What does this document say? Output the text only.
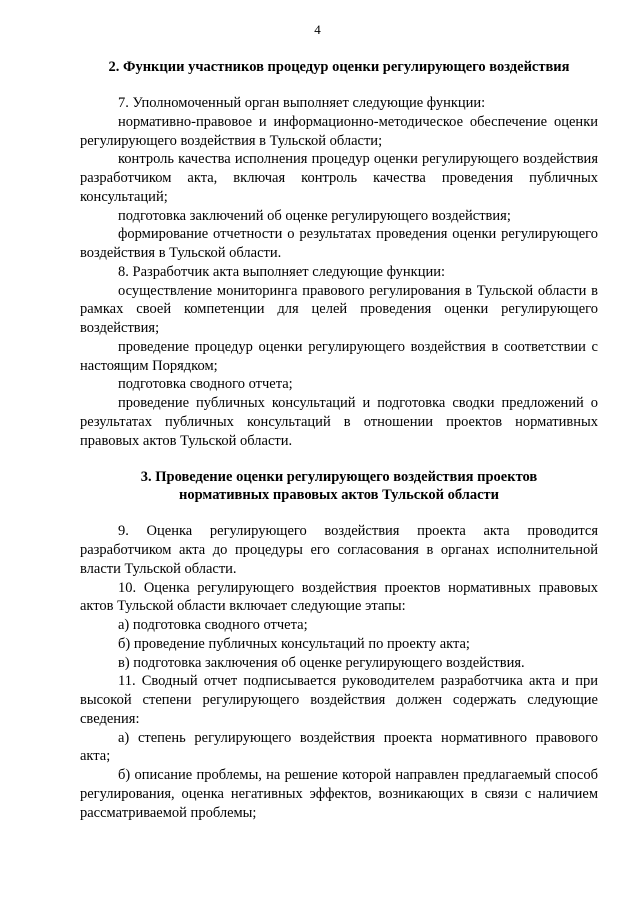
4
2. Функции участников процедур оценки регулирующего воздействия

7. Уполномоченный орган выполняет следующие функции:

нормативно-правовое и информационно-методическое обеспечение оценки регулирующего воздействия в Тульской области;

контроль качества исполнения процедур оценки регулирующего воздействия разработчиком акта, включая контроль качества проведения публичных консультаций;

подготовка заключений об оценке регулирующего воздействия;

формирование отчетности о результатах проведения оценки регулирующего воздействия в Тульской области.

8. Разработчик акта выполняет следующие функции:

осуществление мониторинга правового регулирования в Тульской области в рамках своей компетенции для целей проведения оценки регулирующего воздействия;

проведение процедур оценки регулирующего воздействия в соответствии с настоящим Порядком;

подготовка сводного отчета;

проведение публичных консультаций и подготовка сводки предложений о результатах публичных консультаций в отношении проектов нормативных правовых актов Тульской области.

3. Проведение оценки регулирующего воздействия проектов
нормативных правовых актов Тульской области

9. Оценка регулирующего воздействия проекта акта проводится разработчиком акта до процедуры его согласования в органах исполнительной власти Тульской области.

10. Оценка регулирующего воздействия проектов нормативных правовых актов Тульской области включает следующие этапы:

а) подготовка сводного отчета;

б) проведение публичных консультаций по проекту акта;

в) подготовка заключения об оценке регулирующего воздействия.

11. Сводный отчет подписывается руководителем разработчика акта и при высокой степени регулирующего воздействия должен содержать следующие сведения:

а) степень регулирующего воздействия проекта нормативного правового акта;

б) описание проблемы, на решение которой направлен предлагаемый способ регулирования, оценка негативных эффектов, возникающих в связи с наличием рассматриваемой проблемы;
